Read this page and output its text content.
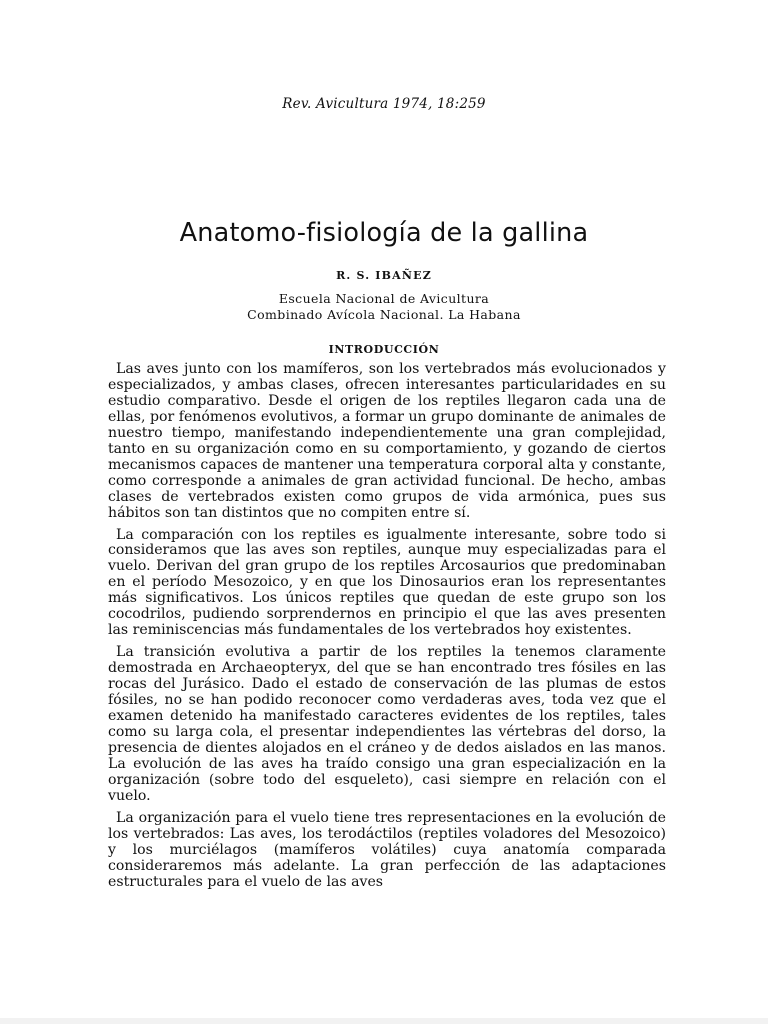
Rev. Avicultura 1974, 18:259
Anatomo-fisiología de la gallina
R. S. IBAÑEZ
Escuela Nacional de Avicultura
Combinado Avícola Nacional. La Habana
INTRODUCCIÓN

Las aves junto con los mamíferos, son los vertebrados más evolucionados y especializados, y ambas clases, ofrecen interesantes particularidades en su estudio comparativo. Desde el origen de los reptiles llegaron cada una de ellas, por fenómenos evolutivos, a formar un grupo dominante de animales de nuestro tiempo, manifestando independientemente una gran complejidad, tanto en su organización como en su comportamiento, y gozando de ciertos mecanismos capaces de mantener una temperatura corporal alta y constante, como corresponde a animales de gran actividad funcional. De hecho, ambas clases de vertebrados existen como grupos de vida armónica, pues sus hábitos son tan distintos que no compiten entre sí.

La comparación con los reptiles es igualmente interesante, sobre todo si consideramos que las aves son reptiles, aunque muy especializadas para el vuelo. Derivan del gran grupo de los reptiles Arcosaurios que predominaban en el período Mesozoico, y en que los Dinosaurios eran los representantes más significativos. Los únicos reptiles que quedan de este grupo son los cocodrilos, pudiendo sorprendernos en principio el que las aves presenten las reminiscencias más fundamentales de los vertebrados hoy existentes.

La transición evolutiva a partir de los reptiles la tenemos claramente demostrada en Archaeopteryx, del que se han encontrado tres fósiles en las rocas del Jurásico. Dado el estado de conservación de las plumas de estos fósiles, no se han podido reconocer como verdaderas aves, toda vez que el examen detenido ha manifestado caracteres evidentes de los reptiles, tales como su larga cola, el presentar independientes las vértebras del dorso, la presencia de dientes alojados en el cráneo y de dedos aislados en las manos. La evolución de las aves ha traído consigo una gran especialización en la organización (sobre todo del esqueleto), casi siempre en relación con el vuelo.

La organización para el vuelo tiene tres representaciones en la evolución de los vertebrados: Las aves, los terodáctilos (reptiles voladores del Mesozoico) y los murciélagos (mamíferos volátiles) cuya anatomía comparada consideraremos más adelante. La gran perfección de las adaptaciones estructurales para el vuelo de las aves
